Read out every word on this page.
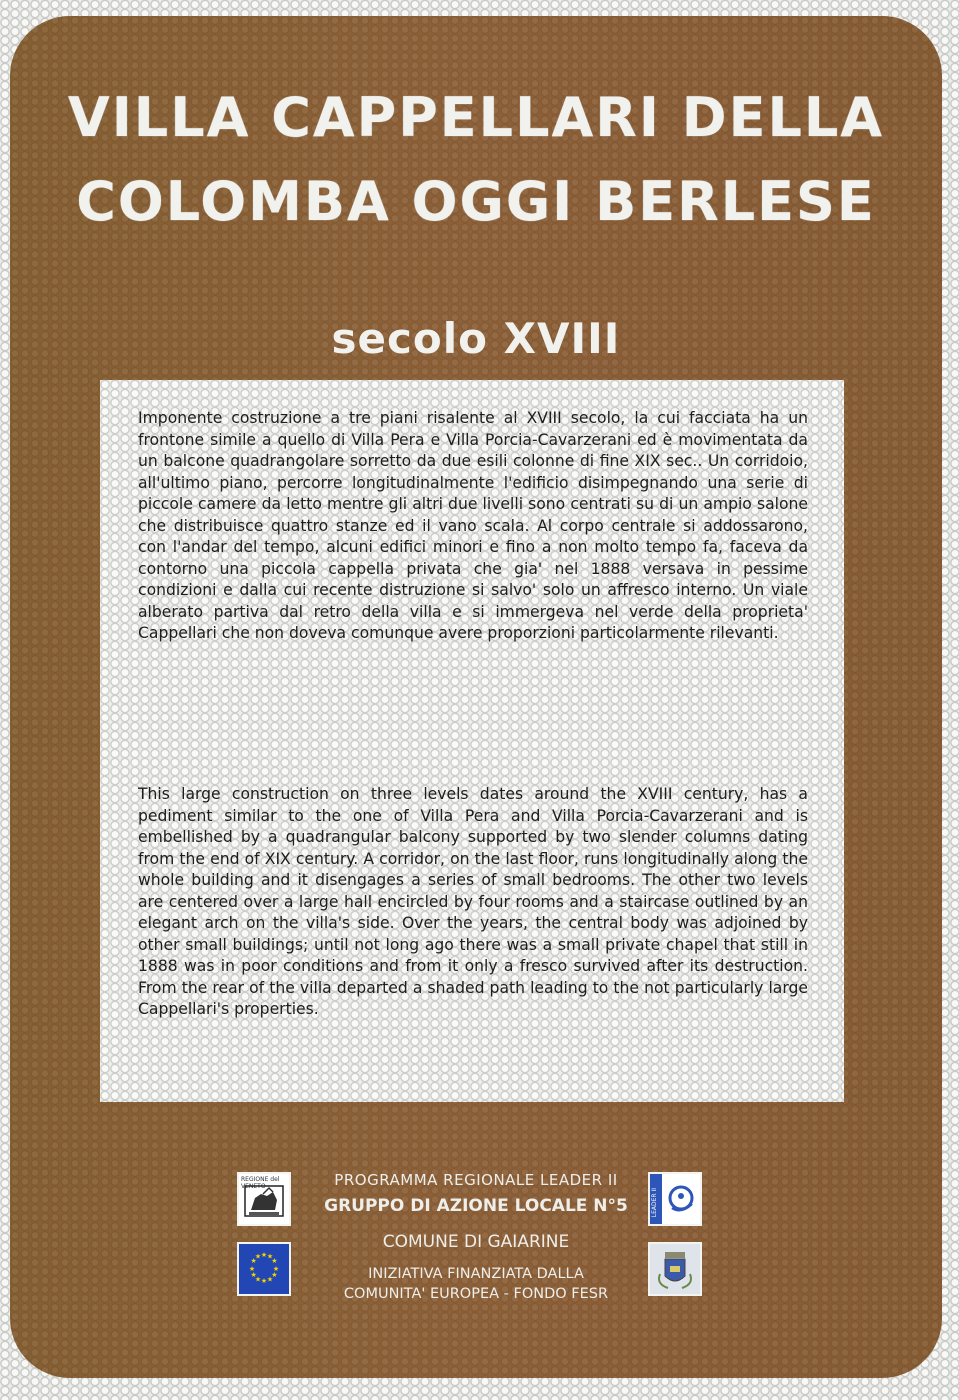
VILLA CAPPELLARI DELLA
COLOMBA OGGI BERLESE
secolo XVIII

Imponente costruzione a tre piani risalente al XVIII secolo, la cui facciata ha un frontone simile a quello di Villa Pera e Villa Porcia-Cavarzerani ed è movimentata da un balcone quadrangolare sorretto da due esili colonne di fine XIX sec.. Un corridoio, all'ultimo piano, percorre longitudinalmente l'edificio disimpegnando una serie di piccole camere da letto mentre gli altri due livelli sono centrati su di un ampio salone che distribuisce quattro stanze ed il vano scala. Al corpo centrale si addossarono, con l'andar del tempo, alcuni edifici minori e fino a non molto tempo fa, faceva da contorno una piccola cappella privata che gia' nel 1888 versava in pessime condizioni e dalla cui recente distruzione si salvo' solo un affresco interno. Un viale alberato partiva dal retro della villa e si immergeva nel verde della proprieta' Cappellari che non doveva comunque avere proporzioni particolarmente rilevanti.

This large construction on three levels dates around the XVIII century, has a pediment similar to the one of Villa Pera and Villa Porcia-Cavarzerani and is embellished by a quadrangular balcony supported by two slender columns dating from the end of XIX century. A corridor, on the last floor, runs longitudinally along the whole building and it disengages a series of small bedrooms. The other two levels are centered over a large hall encircled by four rooms and a staircase outlined by an elegant arch on the villa's side. Over the years, the central body was adjoined by other small buildings; until not long ago there was a small private chapel that still in 1888 was in poor conditions and from it only a fresco survived after its destruction. From the rear of the villa departed a shaded path leading to the not particularly large Cappellari's properties.

REGIONE del VENETO
★ ★
★
★
★
★
★
★
★
★
★
★
LEADER II
PROGRAMMA REGIONALE LEADER II
GRUPPO DI AZIONE LOCALE N°5
COMUNE DI GAIARINE
INIZIATIVA FINANZIATA DALLA
COMUNITA' EUROPEA - FONDO FESR
